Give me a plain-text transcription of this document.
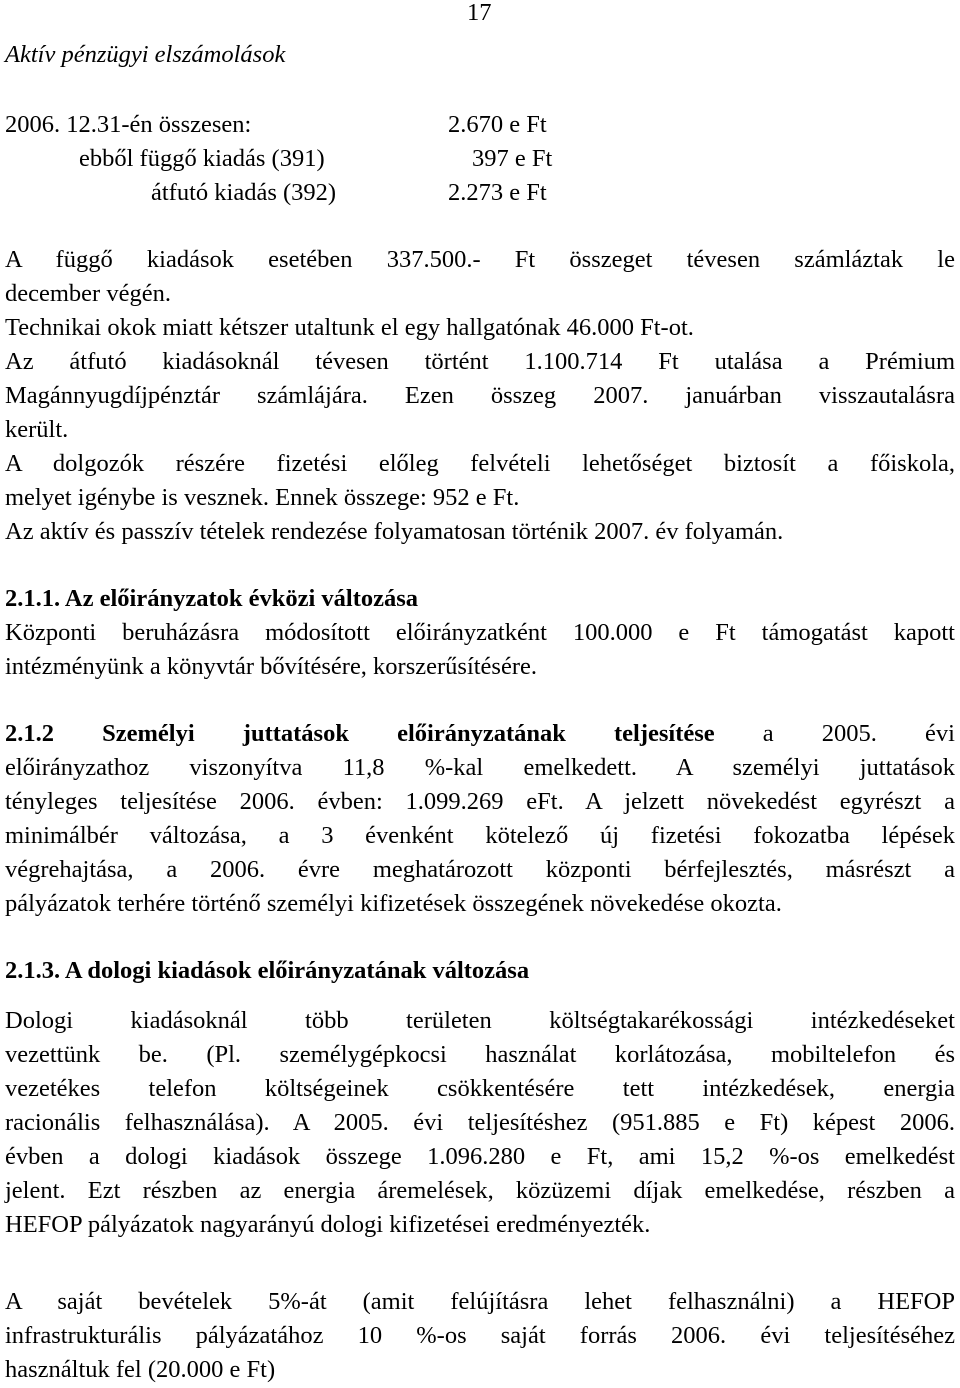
17
Aktív pénzügyi elszámolások
2006. 12.31-én összesen:	2.670 e Ft
ebből függő kiadás (391)	397 e Ft
átfutó kiadás (392)	2.273 e Ft
A függő kiadások esetében 337.500.- Ft összeget tévesen számláztak le
december végén.
Technikai okok miatt kétszer utaltunk el egy hallgatónak 46.000 Ft-ot.
Az átfutó kiadásoknál tévesen történt 1.100.714 Ft utalása a Prémium
Magánnyugdíjpénztár számlájára. Ezen összeg 2007. januárban visszautalásra
került.
A dolgozók részére fizetési előleg felvételi lehetőséget biztosít a főiskola,
melyet igénybe is vesznek. Ennek összege: 952 e Ft.
Az aktív és passzív tételek rendezése folyamatosan történik 2007. év folyamán.
2.1.1. Az előirányzatok évközi változása
Központi beruházásra módosított előirányzatként 100.000 e Ft támogatást kapott
intézményünk a könyvtár bővítésére, korszerűsítésére.
2.1.2 Személyi juttatások előirányzatának teljesítése a 2005. évi
előirányzathoz viszonyítva 11,8 %-kal emelkedett. A személyi juttatások
tényleges teljesítése 2006. évben: 1.099.269 eFt. A jelzett növekedést egyrészt a
minimálbér változása, a 3 évenként kötelező új fizetési fokozatba lépések
végrehajtása, a 2006. évre meghatározott központi bérfejlesztés, másrészt a
pályázatok terhére történő személyi kifizetések összegének növekedése okozta.
2.1.3. A dologi kiadások előirányzatának változása
Dologi kiadásoknál több területen költségtakarékossági intézkedéseket
vezettünk be. (Pl. személygépkocsi használat korlátozása, mobiltelefon és
vezetékes telefon költségeinek csökkentésére tett intézkedések, energia
racionális felhasználása). A 2005. évi teljesítéshez (951.885 e Ft) képest 2006.
évben a dologi kiadások összege 1.096.280 e Ft, ami 15,2 %-os emelkedést
jelent. Ezt részben az energia áremelések, közüzemi díjak emelkedése, részben a
HEFOP pályázatok nagyarányú dologi kifizetései eredményezték.
A saját bevételek 5%-át (amit felújításra lehet felhasználni) a HEFOP
infrastrukturális pályázatához 10 %-os saját forrás 2006. évi teljesítéséhez
használtuk fel (20.000 e Ft)
